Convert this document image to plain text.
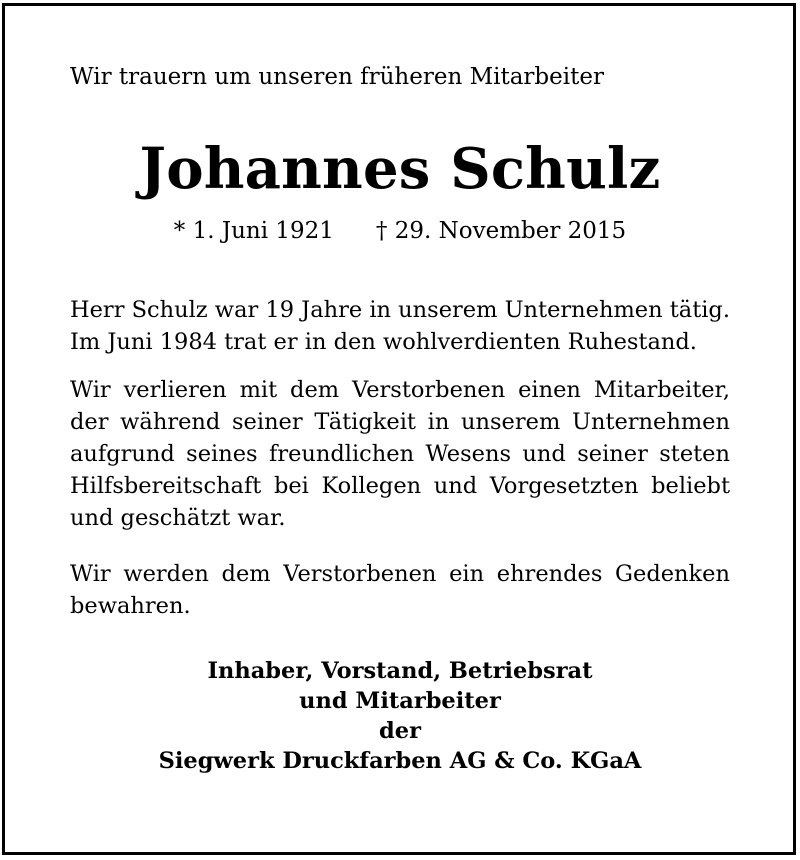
Wir trauern um unseren früheren Mitarbeiter
Johannes Schulz
* 1. Juni 1921 † 29. November 2015
Herr Schulz war 19 Jahre in unserem Unternehmen tätig.
Im Juni 1984 trat er in den wohlverdienten Ruhestand.
Wir verlieren mit dem Verstorbenen einen Mitarbeiter,
der während seiner Tätigkeit in unserem Unternehmen
aufgrund seines freundlichen Wesens und seiner steten
Hilfsbereitschaft bei Kollegen und Vorgesetzten beliebt
und geschätzt war.
Wir werden dem Verstorbenen ein ehrendes Gedenken
bewahren.
Inhaber, Vorstand, Betriebsrat
und Mitarbeiter
der
Siegwerk Druckfarben AG & Co. KGaA
